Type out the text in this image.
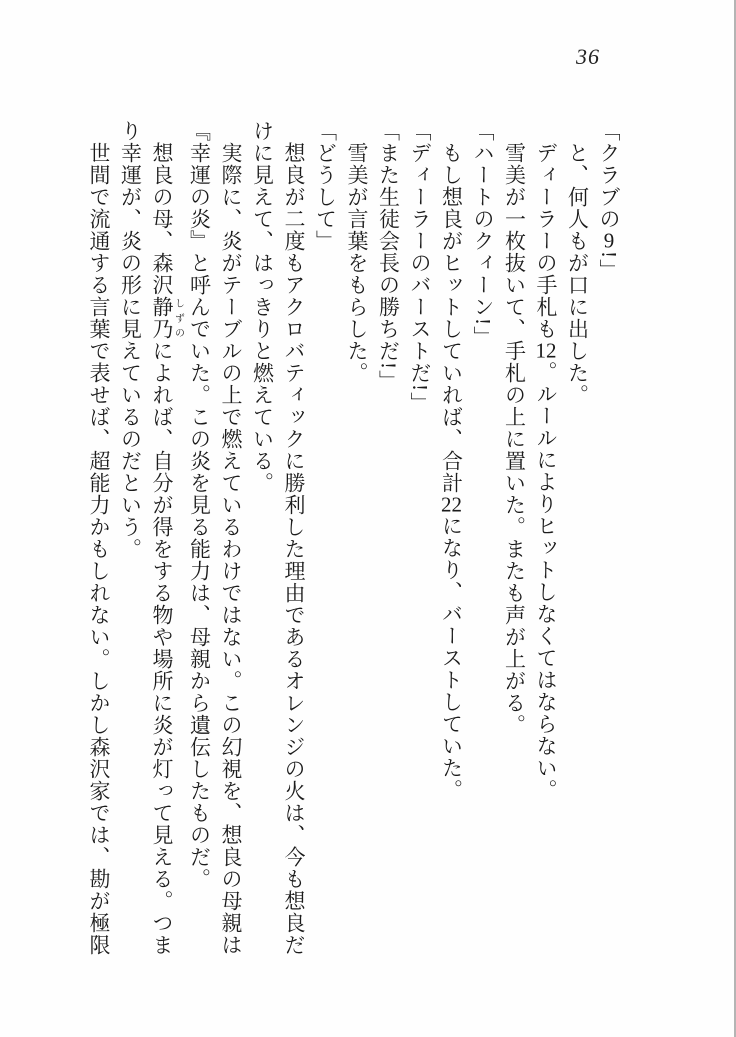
36

「クラブの9!」

と、何人もが口に出した。

ディーラーの手札も12。ルールによりヒットしなくてはならない。

雪美が一枚抜いて、手札の上に置いた。またも声が上がる。

「ハートのクィーン!」

もし想良がヒットしていれば、合計22になり、バーストしていた。

「ディーラーのバーストだ!」

「また生徒会長の勝ちだ!」

雪美が言葉をもらした。

「どうして」

想良が二度もアクロバティックに勝利した理由であるオレンジの火は、今も想良だけに見えて、はっきりと燃えている。

実際に、炎がテーブルの上で燃えているわけではない。この幻視を、想良の母親は『幸運の炎』と呼んでいた。この炎を見る能力は、母親から遺伝したものだ。

想良の母、森沢静乃しずのによれば、自分が得をする物や場所に炎が灯って見える。つまり幸運が、炎の形に見えているのだという。

世間で流通する言葉で表せば、超能力かもしれない。しかし森沢家では、勘が極限
